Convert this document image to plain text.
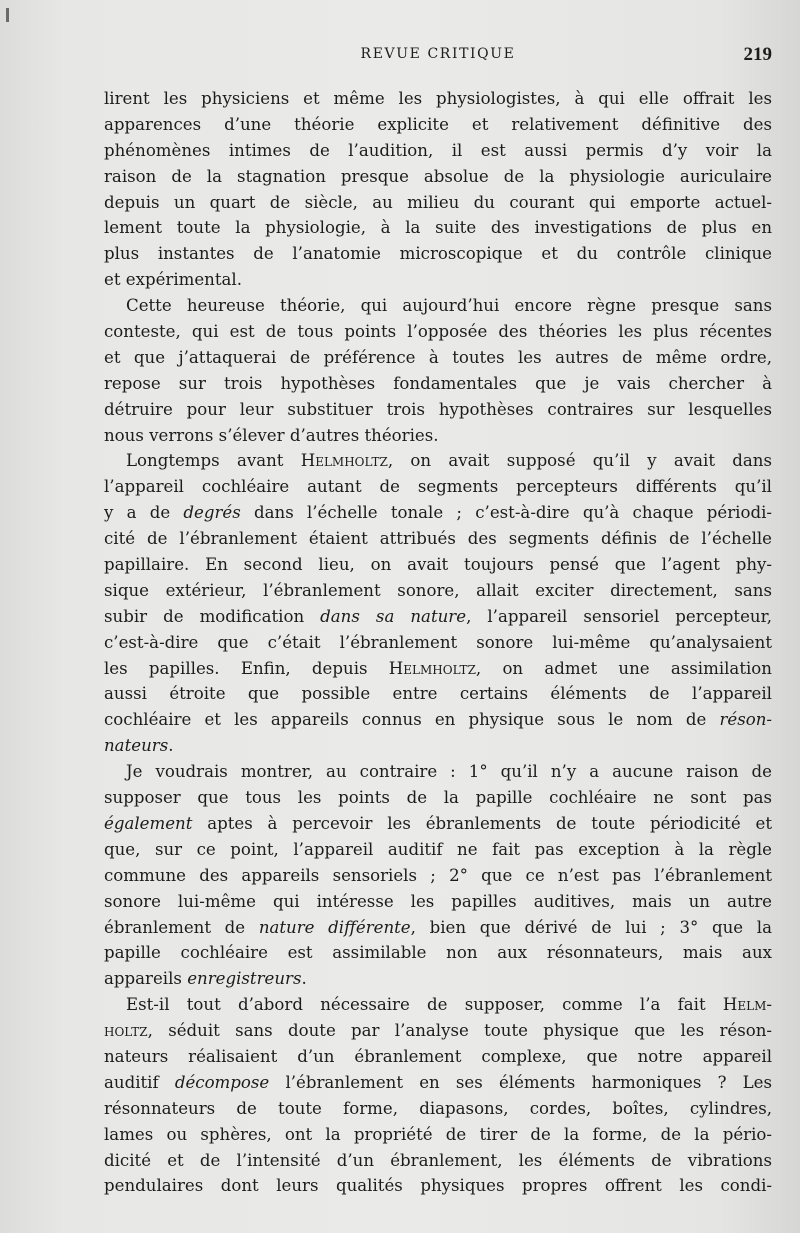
REVUE CRITIQUE	219
lirent les physiciens et même les physiologistes, à qui elle offrait les
apparences d’une théorie explicite et relativement définitive des
phénomènes intimes de l’audition, il est aussi permis d’y voir la
raison de la stagnation presque absolue de la physiologie auriculaire
depuis un quart de siècle, au milieu du courant qui emporte actuel-
lement toute la physiologie, à la suite des investigations de plus en
plus instantes de l’anatomie microscopique et du contrôle clinique
et expérimental.
Cette heureuse théorie, qui aujourd’hui encore règne presque sans
conteste, qui est de tous points l’opposée des théories les plus récentes
et que j’attaquerai de préférence à toutes les autres de même ordre,
repose sur trois hypothèses fondamentales que je vais chercher à
détruire pour leur substituer trois hypothèses contraires sur lesquelles
nous verrons s’élever d’autres théories.
Longtemps avant Helmholtz, on avait supposé qu’il y avait dans
l’appareil cochléaire autant de segments percepteurs différents qu’il
y a de degrés dans l’échelle tonale ; c’est-à-dire qu’à chaque périodi-
cité de l’ébranlement étaient attribués des segments définis de l’échelle
papillaire. En second lieu, on avait toujours pensé que l’agent phy-
sique extérieur, l’ébranlement sonore, allait exciter directement, sans
subir de modification dans sa nature, l’appareil sensoriel percepteur,
c’est-à-dire que c’était l’ébranlement sonore lui-même qu’analysaient
les papilles. Enfin, depuis Helmholtz, on admet une assimilation
aussi étroite que possible entre certains éléments de l’appareil
cochléaire et les appareils connus en physique sous le nom de réson-
nateurs.
Je voudrais montrer, au contraire : 1° qu’il n’y a aucune raison de
supposer que tous les points de la papille cochléaire ne sont pas
également aptes à percevoir les ébranlements de toute périodicité et
que, sur ce point, l’appareil auditif ne fait pas exception à la règle
commune des appareils sensoriels ; 2° que ce n’est pas l’ébranlement
sonore lui-même qui intéresse les papilles auditives, mais un autre
ébranlement de nature différente, bien que dérivé de lui ; 3° que la
papille cochléaire est assimilable non aux résonnateurs, mais aux
appareils enregistreurs.
Est-il tout d’abord nécessaire de supposer, comme l’a fait Helm-
holtz, séduit sans doute par l’analyse toute physique que les réson-
nateurs réalisaient d’un ébranlement complexe, que notre appareil
auditif décompose l’ébranlement en ses éléments harmoniques ? Les
résonnateurs de toute forme, diapasons, cordes, boîtes, cylindres,
lames ou sphères, ont la propriété de tirer de la forme, de la pério-
dicité et de l’intensité d’un ébranlement, les éléments de vibrations
pendulaires dont leurs qualités physiques propres offrent les condi-
